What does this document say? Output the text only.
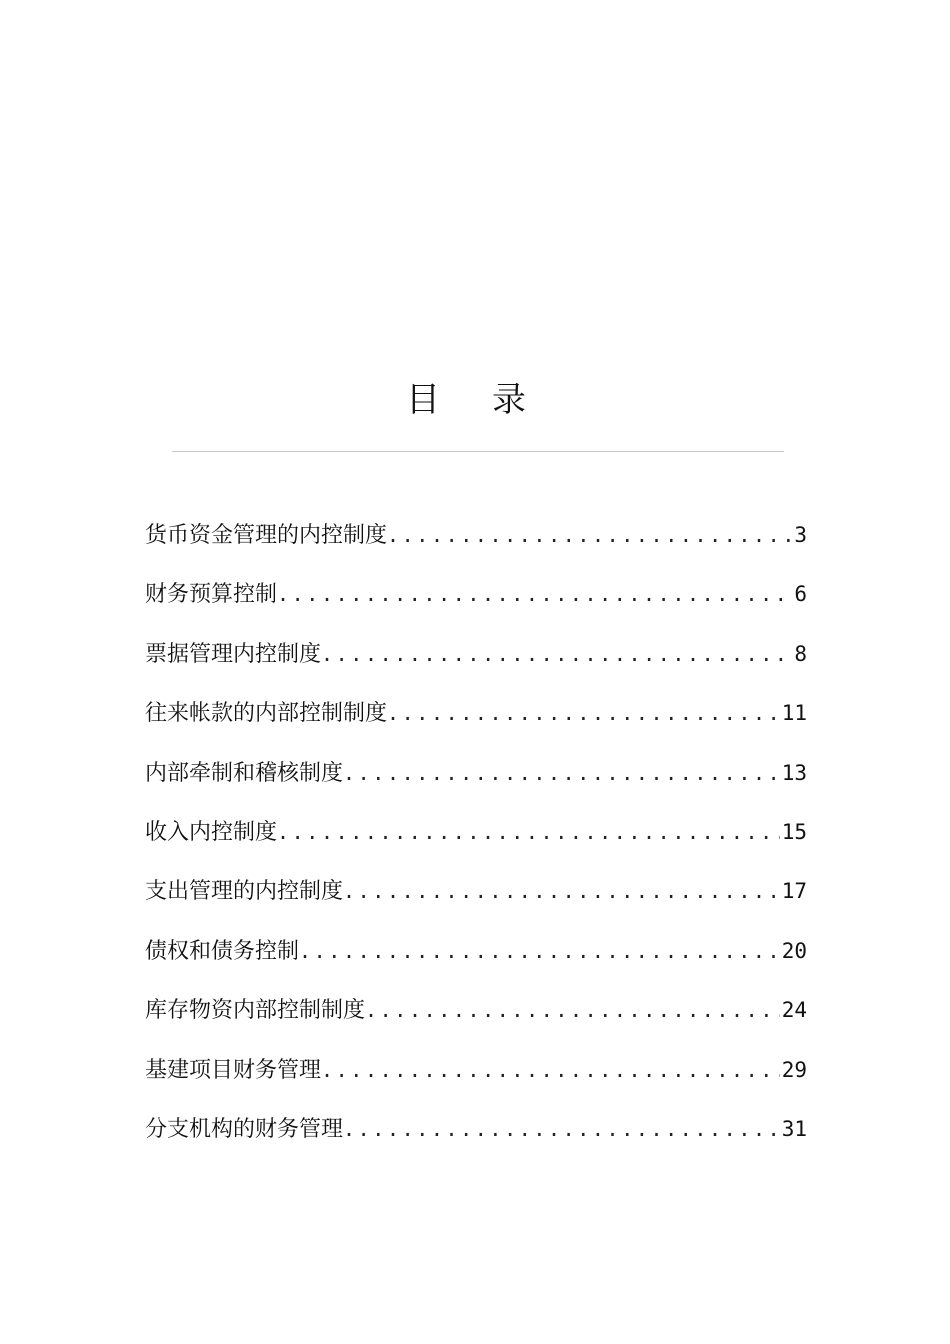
目录
货币资金管理的内控制度 .....	3
财务预算控制 .....	6
票据管理内控制度 .....	8
往来帐款的内部控制制度 .....	11
内部牵制和稽核制度 .....	13
收入内控制度 .....	15
支出管理的内控制度 .....	17
债权和债务控制 .....	20
库存物资内部控制制度 .....	24
基建项目财务管理 .....	29
分支机构的财务管理 .....	31
